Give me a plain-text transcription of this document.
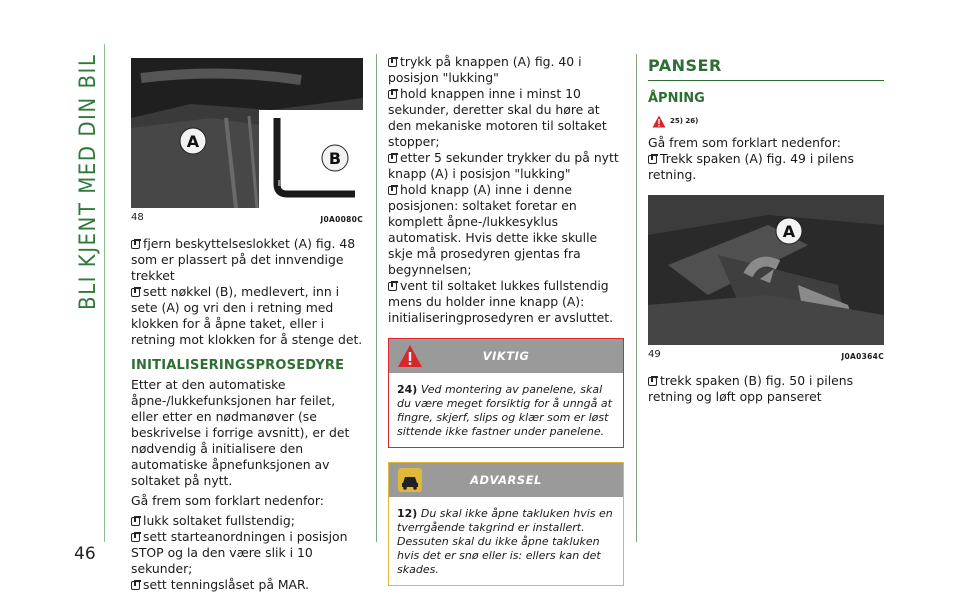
BLI KJENT MED DIN BIL
46
A
B
48	J0A0080C

fjern beskyttelseslokket (A) fig. 48 som er plassert på det innvendige trekket

sett nøkkel (B), medlevert, inn i sete (A) og vri den i retning med klokken for å åpne taket, eller i retning mot klokken for å stenge det.

INITIALISERINGSPROSEDYRE

Etter at den automatiske åpne-/lukkefunksjonen har feilet, eller etter en nødmanøver (se beskrivelse i forrige avsnitt), er det nødvendig å initialisere den automatiske åpnefunksjonen av soltaket på nytt.

Gå frem som forklart nedenfor:

lukk soltaket fullstendig;

sett starteanordningen i posisjon STOP og la den være slik i 10 sekunder;

sett tenningslåset på MAR.

trykk på knappen (A) fig. 40 i posisjon "lukking"

hold knappen inne i minst 10 sekunder, deretter skal du høre at den mekaniske motoren til soltaket stopper;

etter 5 sekunder trykker du på nytt knapp (A) i posisjon "lukking"

hold knapp (A) inne i denne posisjonen: soltaket foretar en komplett åpne-/lukkesyklus automatisk. Hvis dette ikke skulle skje må prosedyren gjentas fra begynnelsen;

vent til soltaket lukkes fullstendig mens du holder inne knapp (A): initialiseringprosedyren er avsluttet.

VIKTIG
24) Ved montering av panelene, skal du være meget forsiktig for å unngå at fingre, skjerf, slips og klær som er løst sittende ikke fastner under panelene.
ADVARSEL
12) Du skal ikke åpne takluken hvis en tverrgående takgrind er installert. Dessuten skal du ikke åpne takluken hvis det er snø eller is: ellers kan det skades.
PANSER
ÅPNING
25) 26)

Gå frem som forklart nedenfor:

Trekk spaken (A) fig. 49 i pilens retning.

A
49	J0A0364C

trekk spaken (B) fig. 50 i pilens retning og løft opp panseret
